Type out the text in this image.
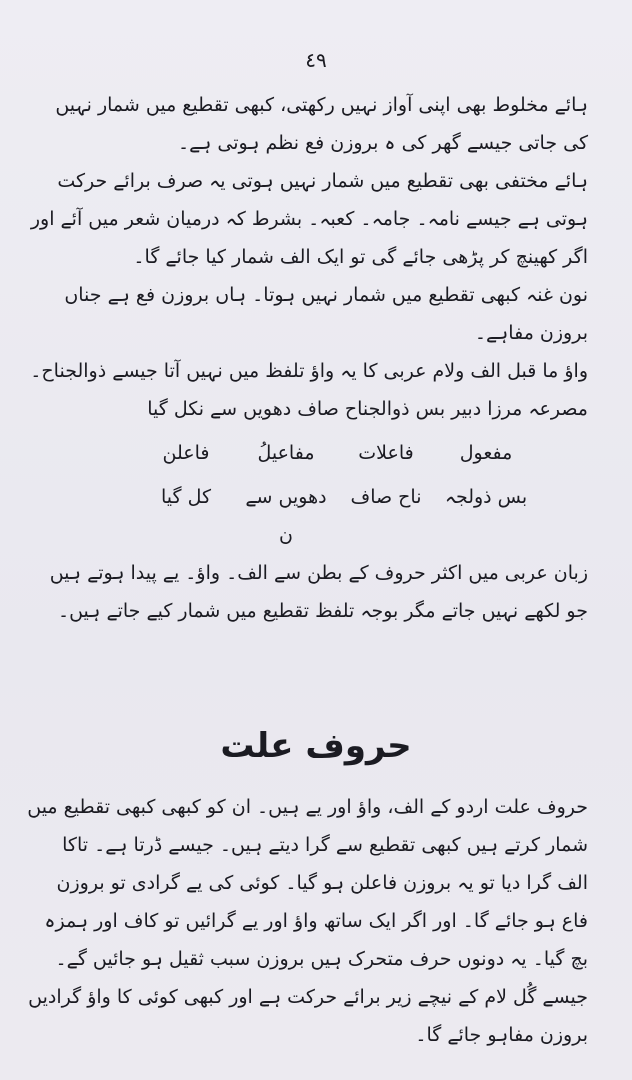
٤٩

ہائے مخلوط بھی اپنی آواز نہیں رکھتی، کبھی تقطیع میں شمار نہیں کی جاتی جیسے گھر کی ہ بروزن فع نظم ہوتی ہے۔

ہائے مختفی بھی تقطیع میں شمار نہیں ہوتی یہ صرف برائے حرکت ہوتی ہے جیسے نامہ۔ جامہ۔ کعبہ۔ بشرط کہ درمیان شعر میں آئے اور اگر کھینچ کر پڑھی جائے گی تو ایک الف شمار کیا جائے گا۔

نون غنہ کبھی تقطیع میں شمار نہیں ہوتا۔ ہاں بروزن فع ہے جناں بروزن مفاہے۔

واؤ ما قبل الف ولام عربی کا یہ واؤ تلفظ میں نہیں آتا جیسے ذوالجناح۔ مصرعہ مرزا دبیر بس ذوالجناح صاف دھویں سے نکل گیا

مفعول
فاعلات
مفاعیلُ
فاعلن
بس ذولجہ
ناح صاف
دھویں سے ن
کل گیا

زبان عربی میں اکثر حروف کے بطن سے الف۔ واؤ۔ یے پیدا ہوتے ہیں جو لکھے نہیں جاتے مگر بوجہ تلفظ تقطیع میں شمار کیے جاتے ہیں۔

حروف علت

حروف علت اردو کے الف، واؤ اور یے ہیں۔ ان کو کبھی کبھی تقطیع میں شمار کرتے ہیں کبھی تقطیع سے گرا دیتے ہیں۔ جیسے ڈرتا ہے۔ تاکا الف گرا دیا تو یہ بروزن فاعلن ہو گیا۔ کوئی کی یے گرادی تو بروزن فاع ہو جائے گا۔ اور اگر ایک ساتھ واؤ اور یے گرائیں تو کاف اور ہمزہ بچ گیا۔ یہ دونوں حرف متحرک ہیں بروزن سبب ثقیل ہو جائیں گے۔ جیسے گُل لام کے نیچے زیر برائے حرکت ہے اور کبھی کوئی کا واؤ گرادیں بروزن مفاہو جائے گا۔
